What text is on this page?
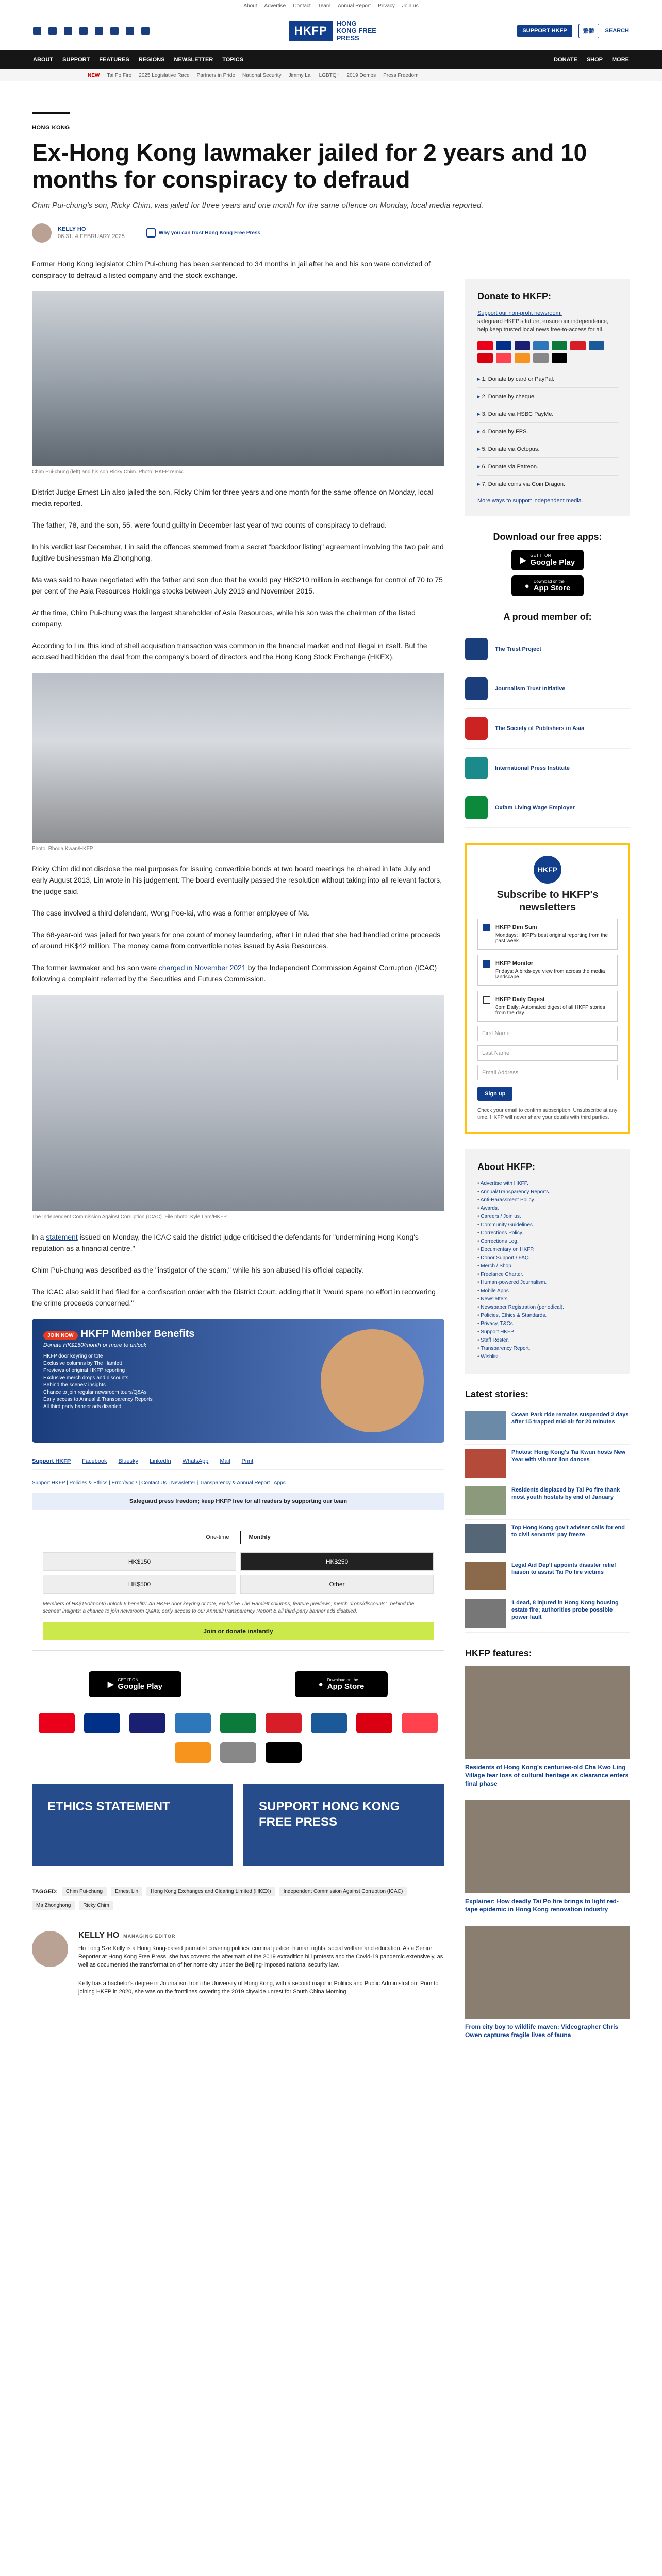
About Advertise Contact Team Annual Report Privacy Join us
HKFP
HONG KONG FREE PRESS
SUPPORT HKFP	繁體	SEARCH
ABOUT SUPPORT FEATURES REGIONS NEWSLETTER TOPICS	DONATE SHOP MORE
NEW Tai Po Fire 2025 Legislative Race Partners in Pride National Security Jimmy Lai LGBTQ+ 2019 Demos Press Freedom
HONG KONG
Ex-Hong Kong lawmaker jailed for 2 years and 10 months for conspiracy to defraud
Chim Pui-chung's son, Ricky Chim, was jailed for three years and one month for the same offence on Monday, local media reported.
KELLY HO
06:31, 4 FEBRUARY 2025
Why you can trust Hong Kong Free Press

Former Hong Kong legislator Chim Pui-chung has been sentenced to 34 months in jail after he and his son were convicted of conspiracy to defraud a listed company and the stock exchange.

Chim Pui-chung (left) and his son Ricky Chim. Photo: HKFP remix.

District Judge Ernest Lin also jailed the son, Ricky Chim for three years and one month for the same offence on Monday, local media reported.

The father, 78, and the son, 55, were found guilty in December last year of two counts of conspiracy to defraud.

In his verdict last December, Lin said the offences stemmed from a secret "backdoor listing" agreement involving the two pair and fugitive businessman Ma Zhonghong.

Ma was said to have negotiated with the father and son duo that he would pay HK$210 million in exchange for control of 70 to 75 per cent of the Asia Resources Holdings stocks between July 2013 and November 2015.

At the time, Chim Pui-chung was the largest shareholder of Asia Resources, while his son was the chairman of the listed company.

According to Lin, this kind of shell acquisition transaction was common in the financial market and not illegal in itself. But the accused had hidden the deal from the company's board of directors and the Hong Kong Stock Exchange (HKEX).

Photo: Rhoda Kwan/HKFP.

Ricky Chim did not disclose the real purposes for issuing convertible bonds at two board meetings he chaired in late July and early August 2013, Lin wrote in his judgement. The board eventually passed the resolution without taking into all relevant factors, the judge said.

The case involved a third defendant, Wong Poe-lai, who was a former employee of Ma.

The 68-year-old was jailed for two years for one count of money laundering, after Lin ruled that she had handled crime proceeds of around HK$42 million. The money came from convertible notes issued by Asia Resources.

The former lawmaker and his son were charged in November 2021 by the Independent Commission Against Corruption (ICAC) following a complaint referred by the Securities and Futures Commission.

The Independent Commission Against Corruption (ICAC). File photo: Kyle Lam/HKFP.

In a statement issued on Monday, the ICAC said the district judge criticised the defendants for "undermining Hong Kong's reputation as a financial centre."

Chim Pui-chung was described as the "instigator of the scam," while his son abused his official capacity.

The ICAC also said it had filed for a confiscation order with the District Court, adding that it "would spare no effort in recovering the crime proceeds concerned."

JOIN NOW HKFP Member Benefits
Donate HK$150/month or more to unlock
HKFP door keyring or tote
Exclusive columns by The Hamlett
Previews of original HKFP reporting
Exclusive merch drops and discounts
Behind the scenes' insights
Chance to join regular newsroom tours/Q&As
Early access to Annual & Transparency Reports
All third party banner ads disabled
Support HKFP Facebook Bluesky LinkedIn WhatsApp Mail Print
Support HKFP | Policies & Ethics | Error/typo? | Contact Us | Newsletter | Transparency & Annual Report | Apps
Safeguard press freedom; keep HKFP free for all readers by supporting our team
One-time	Monthly
HK$150	HK$250
HK$500	Other
Members of HK$150/month unlock 6 benefits: An HKFP door keyring or tote; exclusive The Hamlett columns; feature previews; merch drops/discounts; "behind the scenes" insights; a chance to join newsroom Q&As; early access to our Annual/Transparency Report & all third-party banner ads disabled.
Join or donate instantly
▶
GET IT ON
Google Play	● Download on the
App Store
ETHICS STATEMENT	SUPPORT HONG KONG FREE PRESS
TAGGED:	Chim Pui-chung	Ernest Lin	Hong Kong Exchanges and Clearing Limited (HKEX)	Independent Commission Against Corruption (ICAC)
Ma Zhonghong	Ricky Chim
KELLY HO MANAGING EDITOR

Ho Long Sze Kelly is a Hong Kong-based journalist covering politics, criminal justice, human rights, social welfare and education. As a Senior Reporter at Hong Kong Free Press, she has covered the aftermath of the 2019 extradition bill protests and the Covid-19 pandemic extensively, as well as documented the transformation of her home city under the Beijing-imposed national security law.

Kelly has a bachelor's degree in Journalism from the University of Hong Kong, with a second major in Politics and Public Administration. Prior to joining HKFP in 2020, she was on the frontlines covering the 2019 citywide unrest for South China Morning

Donate to HKFP:

Support our non-profit newsroom:

safeguard HKFP's future, ensure our independence, help keep trusted local news free-to-access for all.

▸ 1. Donate by card or PayPal.
▸ 2. Donate by cheque.
▸ 3. Donate via HSBC PayMe.
▸ 4. Donate by FPS.
▸ 5. Donate via Octopus.
▸ 6. Donate via Patreon.
▸ 7. Donate coins via Coin Dragon.
More ways to support independent media.
Download our free apps:
▶
GET IT ON
Google Play
● Download on the
App Store
A proud member of:
The Trust Project
Journalism Trust Initiative
The Society of Publishers in Asia
International Press Institute
Oxfam Living Wage Employer
HKFP
Subscribe to HKFP's newsletters
HKFP Dim Sum
Mondays: HKFP's best original reporting from the past week.
HKFP Monitor
Fridays: A birds-eye view from across the media landscape.
HKFP Daily Digest
8pm Daily: Automated digest of all HKFP stories from the day.
First Name
Last Name
Email Address
Sign up
Check your email to confirm subscription. Unsubscribe at any time. HKFP will never share your details with third parties.
About HKFP:
• Advertise with HKFP.
• Annual/Transparency Reports.
• Anti-Harassment Policy.
• Awards.
• Careers / Join us.
• Community Guidelines.
• Corrections Policy.
• Corrections Log.
• Documentary on HKFP.
• Donor Support / FAQ.
• Merch / Shop.
• Freelance Charter.
• Human-powered Journalism.
• Mobile Apps.
• Newsletters.
• Newspaper Registration (periodical).
• Policies, Ethics & Standards.
• Privacy, T&Cs.
• Support HKFP.
• Staff Roster.
• Transparency Report.
• Wishlist.
Latest stories:
Ocean Park ride remains suspended 2 days after 15 trapped mid-air for 20 minutes
Photos: Hong Kong's Tai Kwun hosts New Year with vibrant lion dances
Residents displaced by Tai Po fire thank most youth hostels by end of January
Top Hong Kong gov't adviser calls for end to civil servants' pay freeze
Legal Aid Dep't appoints disaster relief liaison to assist Tai Po fire victims
1 dead, 8 injured in Hong Kong housing estate fire; authorities probe possible power fault
HKFP features:
Residents of Hong Kong's centuries-old Cha Kwo Ling Village fear loss of cultural heritage as clearance enters final phase
Explainer: How deadly Tai Po fire brings to light red-tape epidemic in Hong Kong renovation industry
From city boy to wildlife maven: Videographer Chris Owen captures fragile lives of fauna
